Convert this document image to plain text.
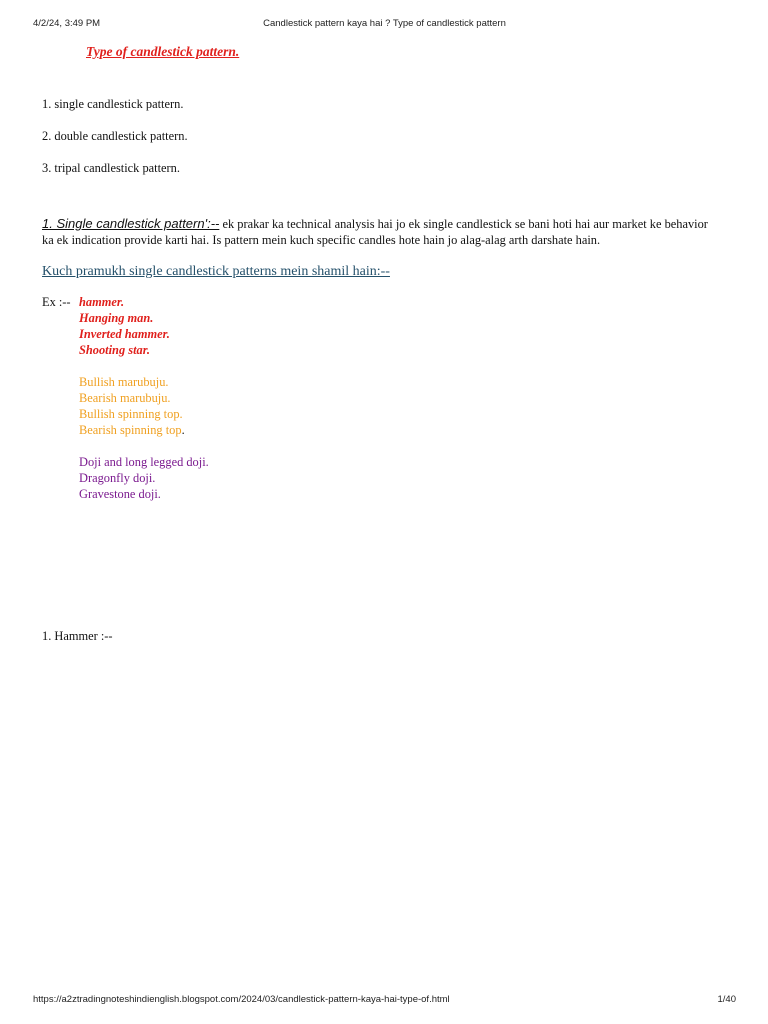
4/2/24, 3:49 PM	Candlestick pattern kaya hai ? Type of candlestick pattern
Type of candlestick pattern.

1. single candlestick pattern.

2. double candlestick pattern.

3. tripal candlestick pattern.

1. Single candlestick pattern':-- ek prakar ka technical analysis hai jo ek single candlestick se bani hoti hai aur market ke behavior ka ek indication provide karti hai. Is pattern mein kuch specific candles hote hain jo alag-alag arth darshate hain.

Kuch pramukh single candlestick patterns mein shamil hain:--
Ex :-- hammer.
Hanging man.
Inverted hammer.
Shooting star.
Bullish marubuju.
Bearish marubuju.
Bullish spinning top.
Bearish spinning top.
Doji and long legged doji.
Dragonfly doji.
Gravestone doji.
1. Hammer :--
https://a2ztradingnoteshindienglish.blogspot.com/2024/03/candlestick-pattern-kaya-hai-type-of.html	1/40
